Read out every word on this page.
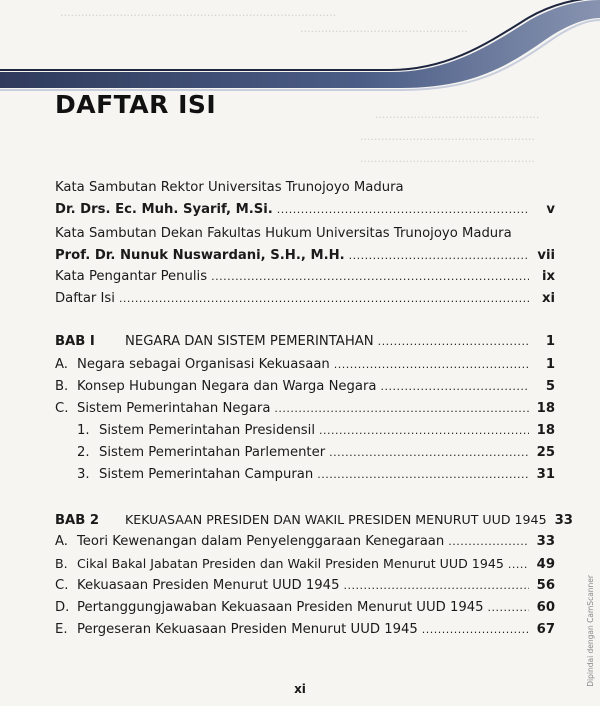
...............................................................................
................................................
...............................................
..................................................
..................................................
DAFTAR ISI
Kata Sambutan Rektor Universitas Trunojoyo Madura
Dr. Drs. Ec. Muh. Syarif, M.Si. .....	v
Kata Sambutan Dekan Fakultas Hukum Universitas Trunojoyo Madura
Prof. Dr. Nunuk Nuswardani, S.H., M.H. .....	vii
Kata Pengantar Penulis .....	ix
Daftar Isi .....	xi
BAB I NEGARA DAN SISTEM PEMERINTAHAN .....	1
A. Negara sebagai Organisasi Kekuasaan .....	1
B. Konsep Hubungan Negara dan Warga Negara .....	5
C. Sistem Pemerintahan Negara .....	18
1. Sistem Pemerintahan Presidensil .....	18
2. Sistem Pemerintahan Parlementer .....	25
3. Sistem Pemerintahan Campuran .....	31
BAB 2 KEKUASAAN PRESIDEN DAN WAKIL PRESIDEN MENURUT UUD 1945 33
A. Teori Kewenangan dalam Penyelenggaraan Kenegaraan .....	33
B. Cikal Bakal Jabatan Presiden dan Wakil Presiden Menurut UUD 1945 ..... 49
C. Kekuasaan Presiden Menurut UUD 1945 .....	56
D. Pertanggungjawaban Kekuasaan Presiden Menurut UUD 1945 .....	60
E. Pergeseran Kekuasaan Presiden Menurut UUD 1945 .....	67
xi
Dipindai dengan CamScanner
